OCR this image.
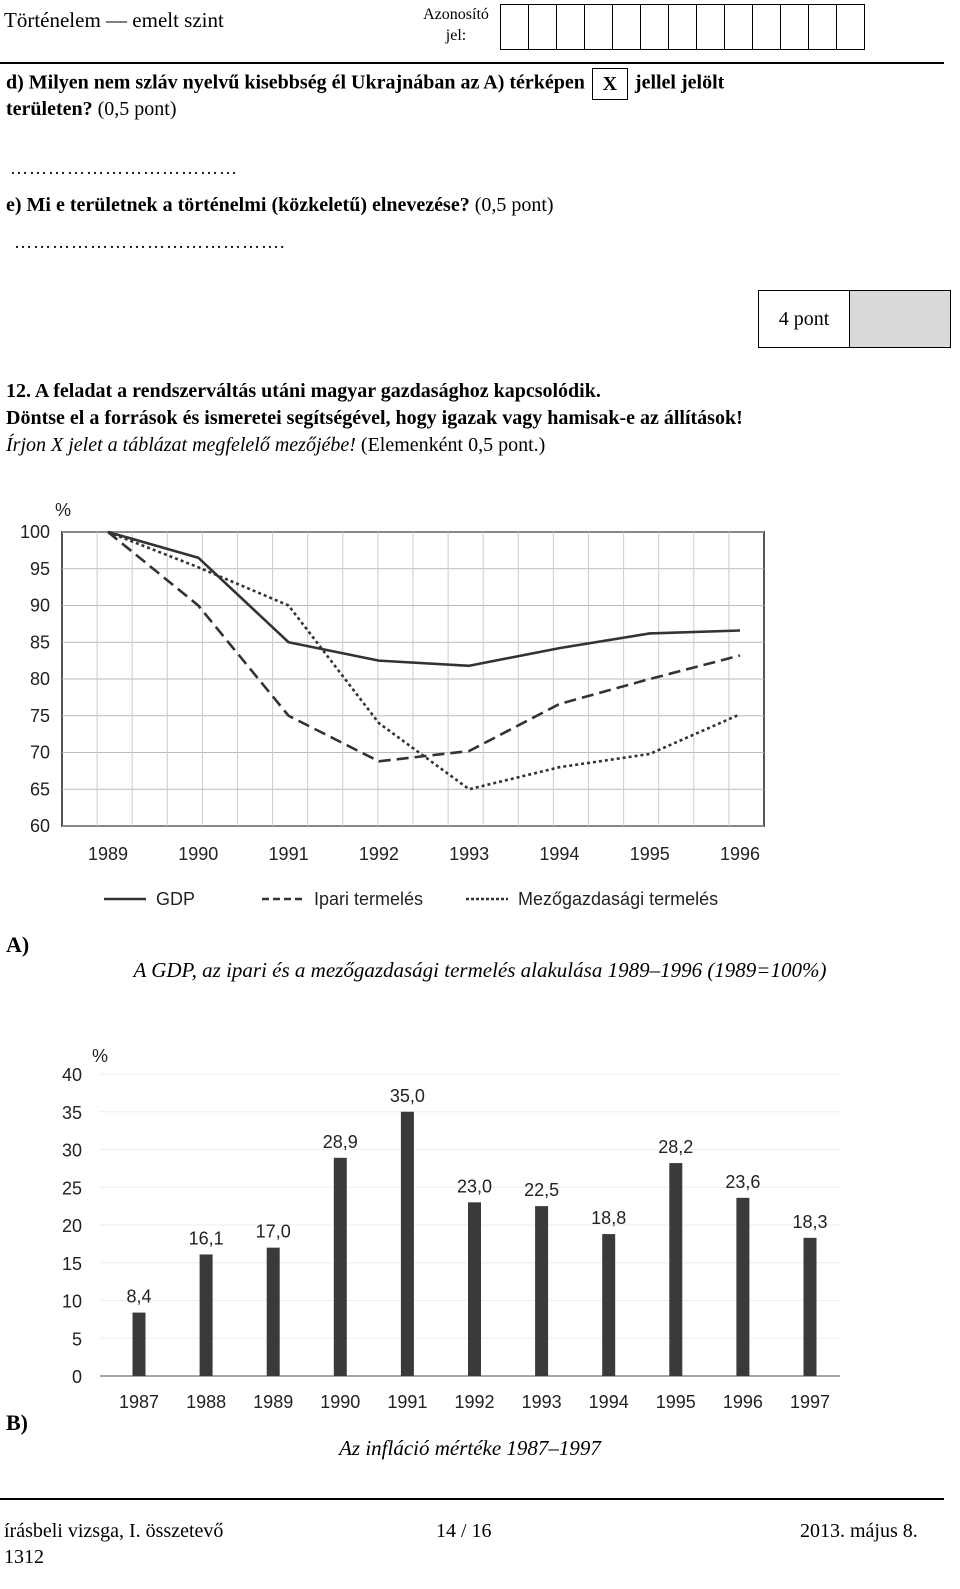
Történelem — emelt szint	Azonosító jel:
d) Milyen nem szláv nyelvű kisebbség él Ukrajnában az A) térképen X jellel jelölt
területen? (0,5 pont)
………………………………
e) Mi e területnek a történelmi (közkeletű) elnevezése? (0,5 pont)
…………………………………….
4 pont
12. A feladat a rendszerváltás utáni magyar gazdasághoz kapcsolódik.
Döntse el a források és ismeretei segítségével, hogy igazak vagy hamisak-e az állítások!
Írjon X jelet a táblázat megfelelő mezőjébe! (Elemenként 0,5 pont.)
100
95
90
85
80
75
70
65
60
%
1989	1990	1991	1992	1993	1994	1995	1996
GDP	Ipari termelés	Mezőgazdasági termelés
A)
A GDP, az ipari és a mezőgazdasági termelés alakulása 1989–1996 (1989=100%)
40
35
30
25
20
15
10
5
0
%
8,4
1987
16,1
1988
17,0
1989
28,9
1990
35,0
1991
23,0
1992
22,5
1993
18,8
1994
28,2
1995
23,6
1996
18,3
1997
B)
Az infláció mértéke 1987–1997
írásbeli vizsga, I. összetevő
1312
14 / 16	2013. május 8.
